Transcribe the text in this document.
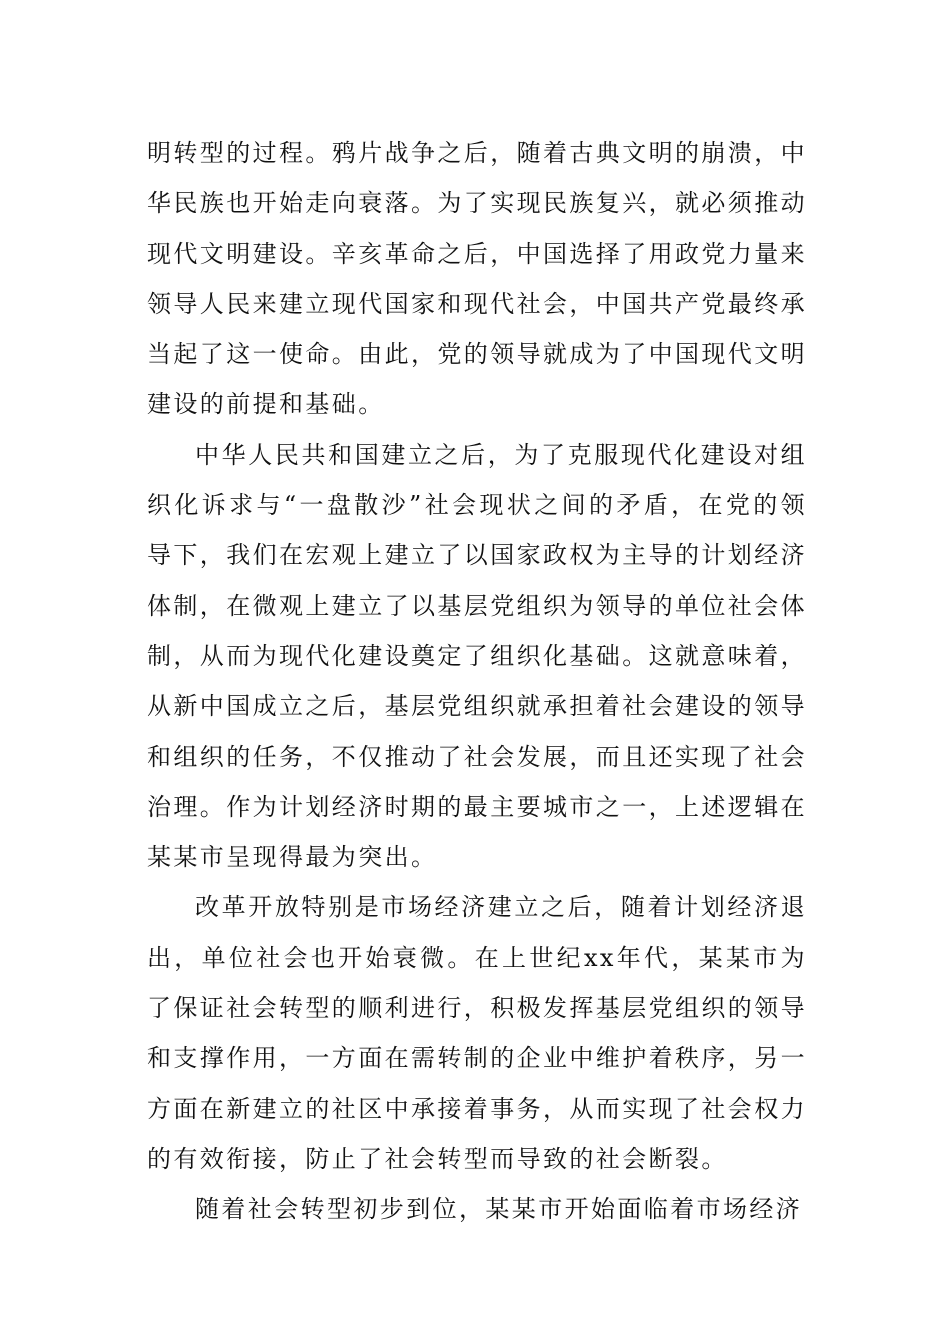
明转型的过程。鸦片战争之后，随着古典文明的崩溃，中华民族也开始走向衰落。为了实现民族复兴，就必须推动现代文明建设。辛亥革命之后，中国选择了用政党力量来领导人民来建立现代国家和现代社会，中国共产党最终承当起了这一使命。由此，党的领导就成为了中国现代文明建设的前提和基础。

中华人民共和国建立之后，为了克服现代化建设对组织化诉求与“一盘散沙”社会现状之间的矛盾，在党的领导下，我们在宏观上建立了以国家政权为主导的计划经济体制，在微观上建立了以基层党组织为领导的单位社会体制，从而为现代化建设奠定了组织化基础。这就意味着，从新中国成立之后，基层党组织就承担着社会建设的领导和组织的任务，不仅推动了社会发展，而且还实现了社会治理。作为计划经济时期的最主要城市之一，上述逻辑在某某市呈现得最为突出。

改革开放特别是市场经济建立之后，随着计划经济退出，单位社会也开始衰微。在上世纪xx年代，某某市为了保证社会转型的顺利进行，积极发挥基层党组织的领导和支撑作用，一方面在需转制的企业中维护着秩序，另一方面在新建立的社区中承接着事务，从而实现了社会权力的有效衔接，防止了社会转型而导致的社会断裂。

随着社会转型初步到位，某某市开始面临着市场经济
